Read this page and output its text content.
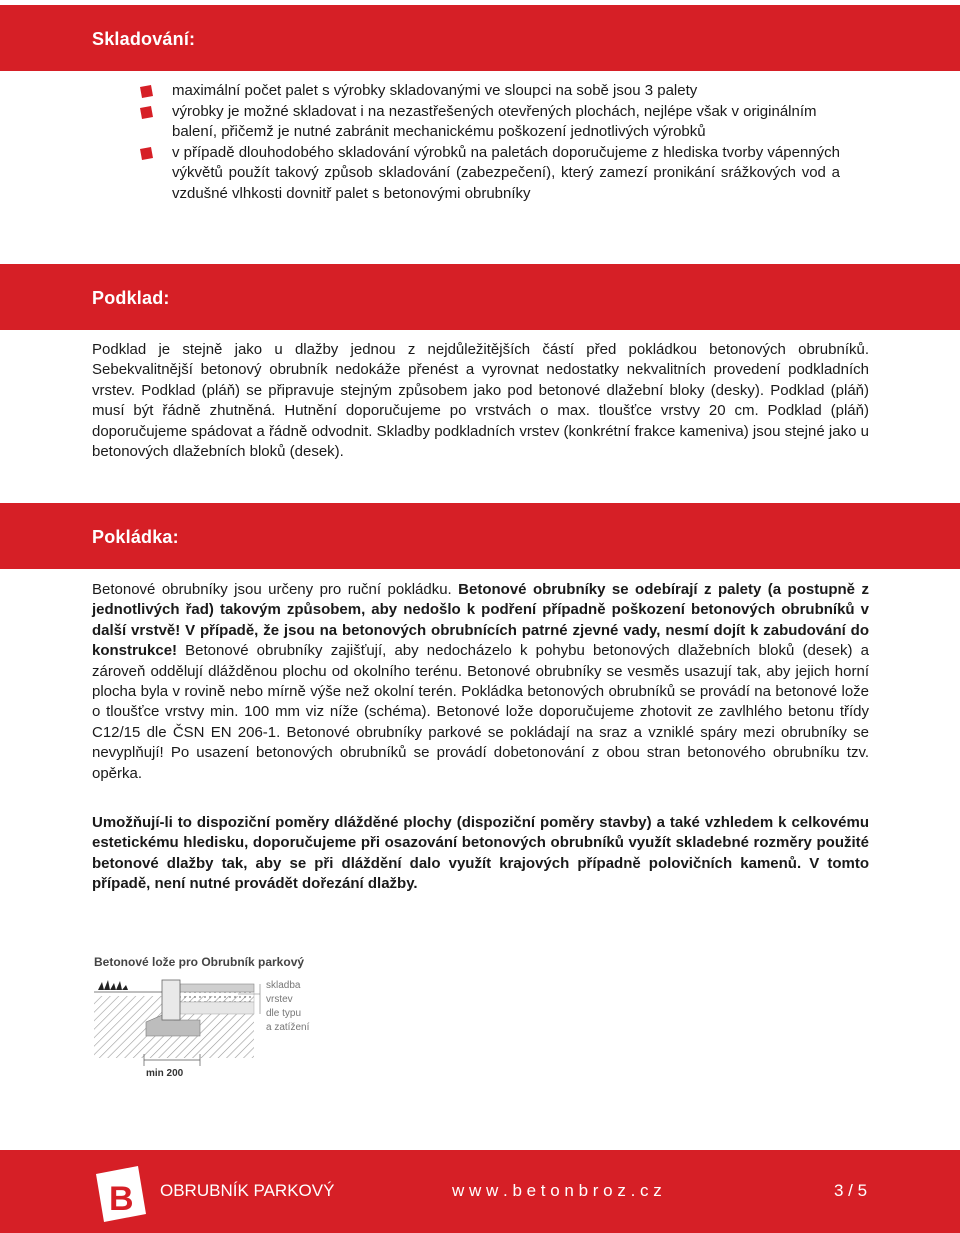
Skladování:
maximální počet palet s výrobky skladovanými ve sloupci na sobě jsou 3 palety
výrobky je možné skladovat i na nezastřešených otevřených plochách, nejlépe však v originálním balení, přičemž je nutné zabránit mechanickému poškození jednotlivých výrobků
v případě dlouhodobého skladování výrobků na paletách doporučujeme z hlediska tvorby vápenných výkvětů použít takový způsob skladování (zabezpečení), který zamezí pronikání srážkových vod a vzdušné vlhkosti dovnitř palet s betonovými obrubníky
Podklad:

Podklad je stejně jako u dlažby jednou z nejdůležitějších částí před pokládkou betonových obrubníků. Sebekvalitnější betonový obrubník nedokáže přenést a vyrovnat nedostatky nekvalitních provedení podkladních vrstev. Podklad (pláň) se připravuje stejným způsobem jako pod betonové dlažební bloky (desky). Podklad (pláň) musí být řádně zhutněná. Hutnění doporučujeme po vrstvách o max. tloušťce vrstvy 20 cm. Podklad (pláň) doporučujeme spádovat a řádně odvodnit. Skladby podkladních vrstev (konkrétní frakce kameniva) jsou stejné jako u betonových dlažebních bloků (desek).

Pokládka:

Betonové obrubníky jsou určeny pro ruční pokládku. Betonové obrubníky se odebírají z palety (a postupně z jednotlivých řad) takovým způsobem, aby nedošlo k podření případně poškození betonových obrubníků v další vrstvě! V případě, že jsou na betonových obrubnících patrné zjevné vady, nesmí dojít k zabudování do konstrukce! Betonové obrubníky zajišťují, aby nedocházelo k pohybu betonových dlažebních bloků (desek) a zároveň oddělují dlážděnou plochu od okolního terénu. Betonové obrubníky se vesměs usazují tak, aby jejich horní plocha byla v rovině nebo mírně výše než okolní terén. Pokládka betonových obrubníků se provádí na betonové lože o tloušťce vrstvy min. 100 mm viz níže (schéma). Betonové lože doporučujeme zhotovit ze zavlhlého betonu třídy C12/15 dle ČSN EN 206-1. Betonové obrubníky parkové se pokládají na sraz a vzniklé spáry mezi obrubníky se nevyplňují! Po usazení betonových obrubníků se provádí dobetonování z obou stran betonového obrubníku tzv. opěrka.

Umožňují-li to dispoziční poměry dlážděné plochy (dispoziční poměry stavby) a také vzhledem k celkovému estetickému hledisku, doporučujeme při osazování betonových obrubníků využít skladebné rozměry použité betonové dlažby tak, aby se při dláždění dalo využít krajových případně polovičních kamenů. V tomto případě, není nutné provádět dořezání dlažby.

Betonové lože pro Obrubník parkový
skladba vrstev dle typu a zatížení
min 200
B OBRUBNÍK PARKOVÝ	w w w . b e t o n b r o z . c z	3 / 5
